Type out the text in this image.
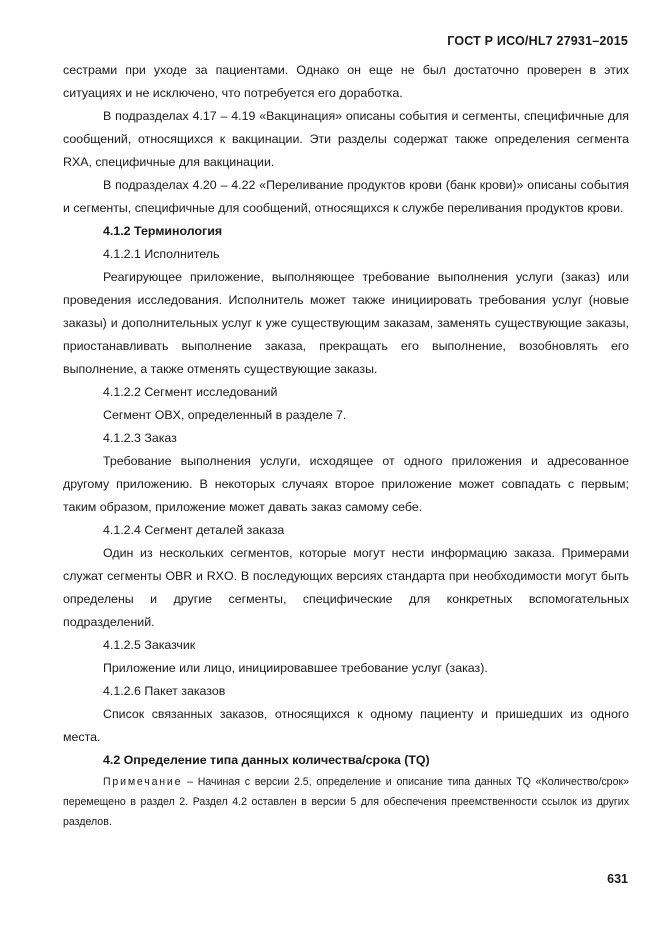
ГОСТ Р ИСО/HL7 27931–2015

сестрами при уходе за пациентами. Однако он еще не был достаточно проверен в этих ситуациях и не исключено, что потребуется его доработка.

В подразделах 4.17 – 4.19 «Вакцинация» описаны события и сегменты, специфичные для сообщений, относящихся к вакцинации. Эти разделы содержат также определения сегмента RXA, специфичные для вакцинации.

В подразделах 4.20 – 4.22 «Переливание продуктов крови (банк крови)» описаны события и сегменты, специфичные для сообщений, относящихся к службе переливания продуктов крови.

4.1.2 Терминология

4.1.2.1 Исполнитель

Реагирующее приложение, выполняющее требование выполнения услуги (заказ) или проведения исследования. Исполнитель может также инициировать требования услуг (новые заказы) и дополнительных услуг к уже существующим заказам, заменять существующие заказы, приостанавливать выполнение заказа, прекращать его выполнение, возобновлять его выполнение, а также отменять существующие заказы.

4.1.2.2 Сегмент исследований

Сегмент OBX, определенный в разделе 7.

4.1.2.3 Заказ

Требование выполнения услуги, исходящее от одного приложения и адресованное другому приложению. В некоторых случаях второе приложение может совпадать с первым; таким образом, приложение может давать заказ самому себе.

4.1.2.4 Сегмент деталей заказа

Один из нескольких сегментов, которые могут нести информацию заказа. Примерами служат сегменты OBR и RXO. В последующих версиях стандарта при необходимости могут быть определены и другие сегменты, специфические для конкретных вспомогательных подразделений.

4.1.2.5 Заказчик

Приложение или лицо, инициировавшее требование услуг (заказ).

4.1.2.6 Пакет заказов

Список связанных заказов, относящихся к одному пациенту и пришедших из одного места.

4.2 Определение типа данных количества/срока (TQ)

Примечание – Начиная с версии 2.5, определение и описание типа данных TQ «Количество/срок» перемещено в раздел 2. Раздел 4.2 оставлен в версии 5 для обеспечения преемственности ссылок из других разделов.

631
